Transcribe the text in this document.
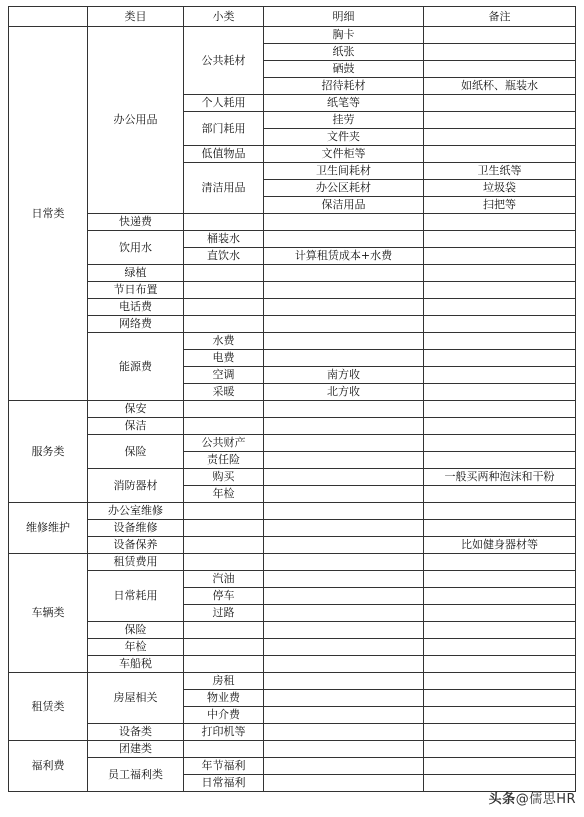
	类目	小类	明细	备注
日常类	办公用品	公共耗材	胸卡	
			纸张	
			硒鼓	
			招待耗材	如纸杯、瓶装水
		个人耗用	纸笔等	
		部门耗用	挂劳	
			文件夹	
		低值物品	文件柜等	
		清洁用品	卫生间耗材	卫生纸等
			办公区耗材	垃圾袋
			保洁用品	扫把等
	快递费			
	饮用水	桶装水		
		直饮水	计算租赁成本+水费	
	绿植			
	节日布置			
	电话费			
	网络费			
	能源费	水费		
		电费		
		空调	南方收	
		采暖	北方收	
服务类	保安			
	保洁			
	保险	公共财产		
		责任险		
	消防器材	购买		一般买两种泡沫和干粉
		年检		
维修维护	办公室维修			
	设备维修			
	设备保养			比如健身器材等
车辆类	租赁费用			
	日常耗用	汽油		
		停车		
		过路		
	保险			
	年检			
	车船税			
租赁类	房屋相关	房租		
		物业费		
		中介费		
	设备类	打印机等		
福利费	团建类			
	员工福利类	年节福利		
		日常福利		
头条@儒思HR
